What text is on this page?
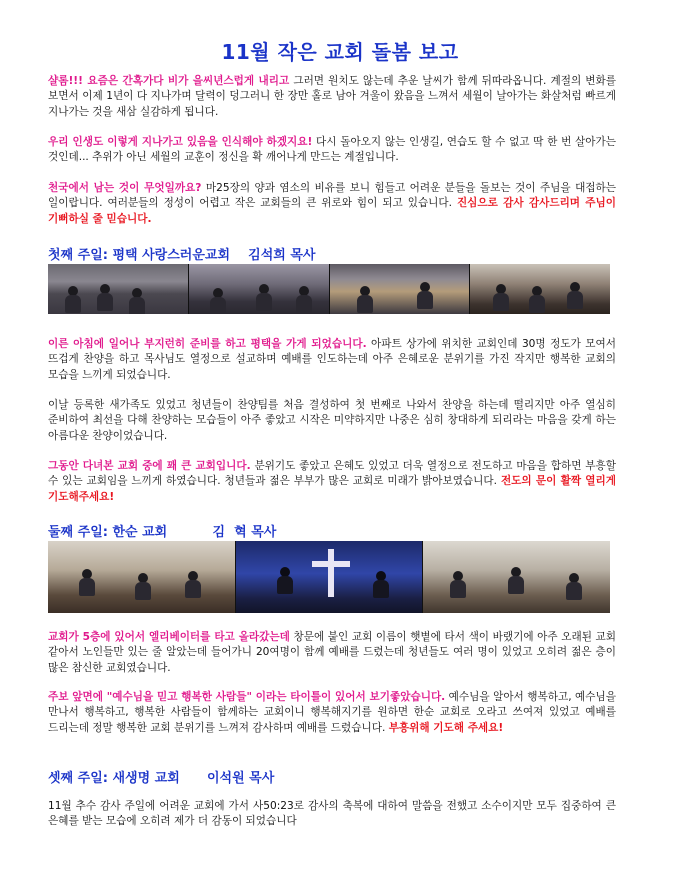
11월 작은 교회 돌봄 보고

샬롬!!! 요즘은 간혹가다 비가 을씨년스럽게 내리고 그러면 원치도 않는데 추운 날씨가 함께 뒤따라옵니다. 계절의 변화를 보면서 이제 1년이 다 지나가며 달력이 덩그러니 한 장만 홀로 남아 겨울이 왔음을 느껴서 세월이 날아가는 화살처럼 빠르게 지나가는 것을 새삼 실감하게 됩니다.

우리 인생도 이렇게 지나가고 있음을 인식해야 하겠지요! 다시 돌아오지 않는 인생길, 연습도 할 수 없고 딱 한 번 살아가는 것인데... 추위가 아닌 세월의 교훈이 정신을 확 깨어나게 만드는 계절입니다.

천국에서 남는 것이 무엇일까요? 마25장의 양과 염소의 비유를 보니 힘들고 어려운 분들을 돌보는 것이 주님을 대접하는 일이랍니다. 여러분들의 정성이 어렵고 작은 교회들의 큰 위로와 힘이 되고 있습니다. 진심으로 감사 감사드리며 주님이 기뻐하실 줄 믿습니다.

첫째 주일: 평택 사랑스러운교회    김석희 목사

이른 아침에 일어나 부지런히 준비를 하고 평택을 가게 되었습니다. 아파트 상가에 위치한 교회인데 30명 정도가 모여서 뜨겁게 찬양을 하고 목사님도 열정으로 설교하며 예배를 인도하는데 아주 은혜로운 분위기를 가진 작지만 행복한 교회의 모습을 느끼게 되었습니다.

이날 등록한 새가족도 있었고 청년들이 찬양팀를 처음 결성하여 첫 번째로 나와서 찬양을 하는데 떨리지만 아주 열심히 준비하여 최선을 다해 찬양하는 모습들이 아주 좋았고 시작은 미약하지만 나중은 심히 창대하게 되리라는 마음을 갖게 하는 아름다운 찬양이었습니다.

그동안 다녀본 교회 중에 꽤 큰 교회입니다. 분위기도 좋았고 은혜도 있었고 더욱 열정으로 전도하고 마음을 합하면 부흥할 수 있는 교회임을 느끼게 하였습니다. 청년들과 젊은 부부가 많은 교회로 미래가 밝아보였습니다. 전도의 문이 활짝 열리게 기도해주세요!

둘째 주일: 한순 교회          김  혁 목사

교회가 5층에 있어서 엘리베이터를 타고 올라갔는데 창문에 붙인 교회 이름이 햇볕에 타서 색이 바랬기에 아주 오래된 교회 같아서 노인들만 있는 줄 알았는데 들어가니 20여명이 함께 예배를 드렸는데 청년들도 여러 명이 있었고 오히려 젊은 층이 많은 참신한 교회였습니다.

주보 앞면에 "예수님을 믿고 행복한 사람들" 이라는 타이틀이 있어서 보기좋았습니다. 예수님을 알아서 행복하고, 예수님을 만나서 행복하고, 행복한 사람들이 함께하는 교회이니 행복해지기를 원하면 한순 교회로 오라고 쓰여져 있었고 예배를 드리는데 정말 행복한 교회 분위기를 느껴져 감사하며 예배를 드렸습니다. 부흥위해 기도해 주세요!

셋째 주일: 새생명 교회      이석원 목사

11월 추수 감사 주일에 어려운 교회에 가서 사50:23로 감사의 축복에 대하여 말씀을 전했고 소수이지만 모두 집중하여 큰 은혜를 받는 모습에 오히려 제가 더 감동이 되었습니다
